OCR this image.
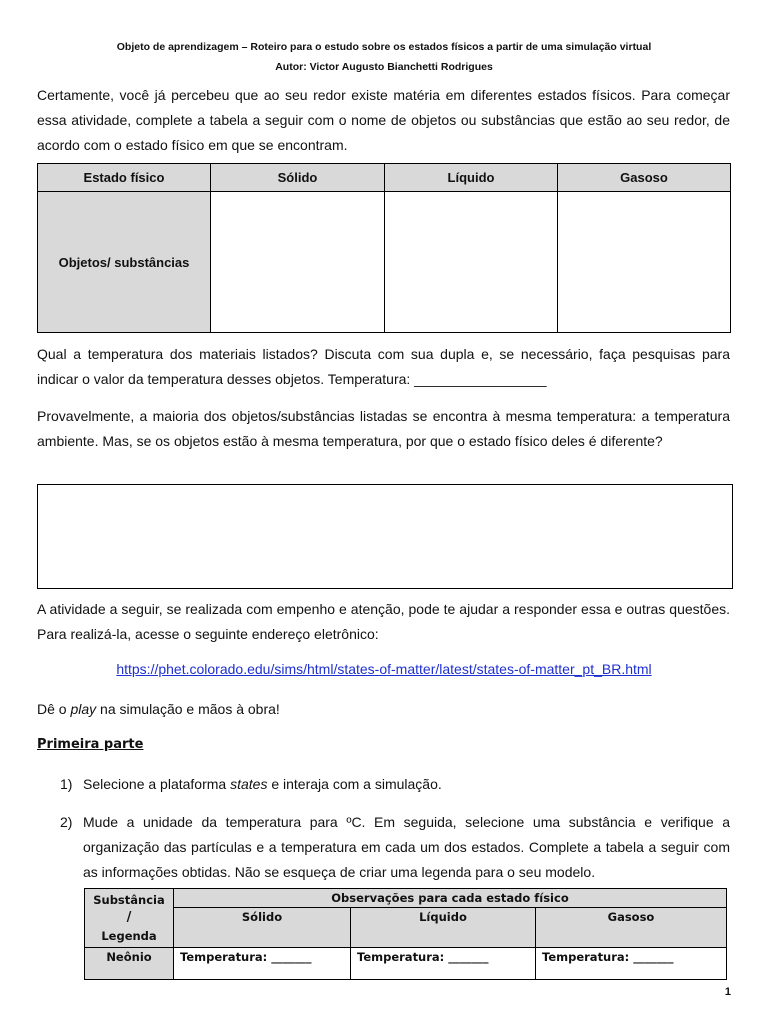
Objeto de aprendizagem – Roteiro para o estudo sobre os estados físicos a partir de uma simulação virtual
Autor: Victor Augusto Bianchetti Rodrigues
Certamente, você já percebeu que ao seu redor existe matéria em diferentes estados físicos. Para começar essa atividade, complete a tabela a seguir com o nome de objetos ou substâncias que estão ao seu redor, de acordo com o estado físico em que se encontram.
Estado físico	Sólido	Líquido	Gasoso
Objetos/ substâncias			
Qual a temperatura dos materiais listados? Discuta com sua dupla e, se necessário, faça pesquisas para indicar o valor da temperatura desses objetos. Temperatura: _________________
Provavelmente, a maioria dos objetos/substâncias listadas se encontra à mesma temperatura: a temperatura ambiente. Mas, se os objetos estão à mesma temperatura, por que o estado físico deles é diferente?
A atividade a seguir, se realizada com empenho e atenção, pode te ajudar a responder essa e outras questões. Para realizá-la, acesse o seguinte endereço eletrônico:
https://phet.colorado.edu/sims/html/states-of-matter/latest/states-of-matter_pt_BR.html
Dê o play na simulação e mãos à obra!
Primeira parte
1) Selecione a plataforma states e interaja com a simulação.
2) Mude a unidade da temperatura para ºC. Em seguida, selecione uma substância e verifique a organização das partículas e a temperatura em cada um dos estados. Complete a tabela a seguir com as informações obtidas. Não se esqueça de criar uma legenda para o seu modelo.
Substância
/
Legenda	Observações para cada estado físico		
	Sólido	Líquido	Gasoso
Neônio	Temperatura: _______	Temperatura: _______	Temperatura: _______
1
